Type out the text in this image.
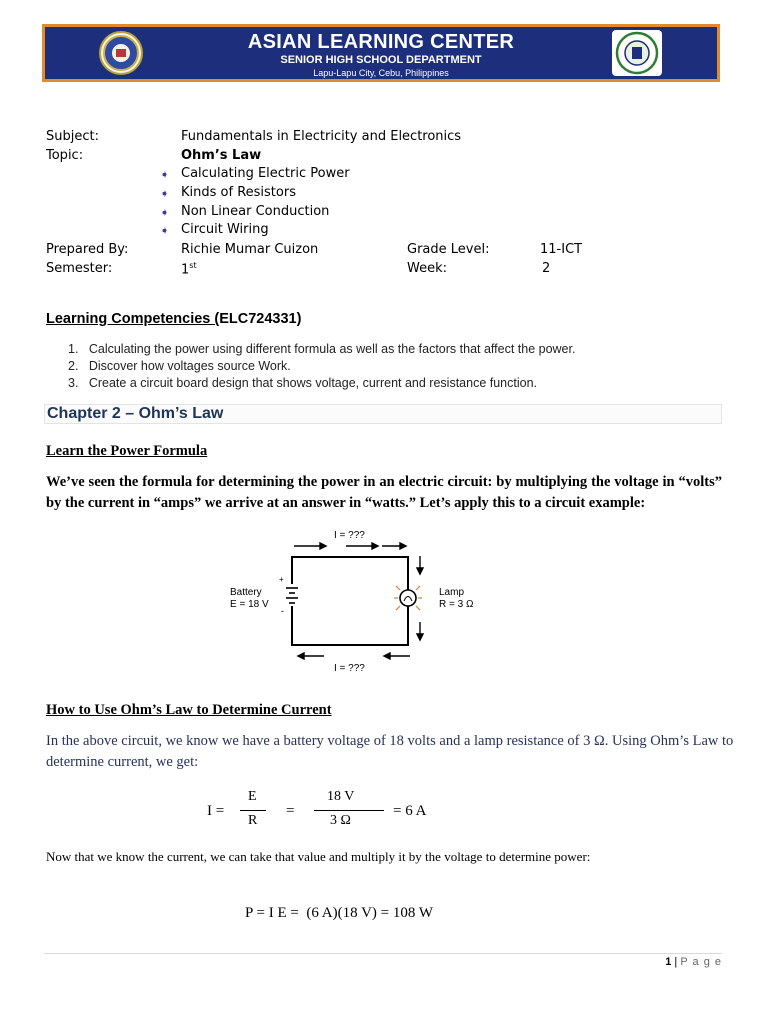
ASIAN LEARNING CENTER
SENIOR HIGH SCHOOL DEPARTMENT
Lapu-Lapu City, Cebu, Philippines
Subject:	Fundamentals in Electricity and Electronics
Topic:	Ohm’s Law
➧ Calculating Electric Power
➧ Kinds of Resistors
➧ Non Linear Conduction
➧ Circuit Wiring
Prepared By:	Richie Mumar Cuizon	Grade Level:	11-ICT
Semester:	1st	Week:	2
Learning Competencies (ELC724331)
1.   Calculating the power using different formula as well as the factors that affect the power.
2.   Discover how voltages source Work.
3.   Create a circuit board design that shows voltage, current and resistance function.
Chapter 2 – Ohm’s Law
Learn the Power Formula
We’ve seen the formula for determining the power in an electric circuit: by multiplying the voltage in “volts” by the current in “amps” we arrive at an answer in “watts.” Let’s apply this to a circuit example:
I = ???
I = ???
Battery
E = 18 V
+
-
Lamp
R = 3 Ω
How to Use Ohm’s Law to Determine Current
In the above circuit, we know we have a battery voltage of 18 volts and a lamp resistance of 3 Ω. Using Ohm’s Law to determine current, we get:
I =
E
R
=
18 V
3 Ω
= 6 A
Now that we know the current, we can take that value and multiply it by the voltage to determine power:
P = I E =  (6 A)(18 V) = 108 W
1 | P a g e
